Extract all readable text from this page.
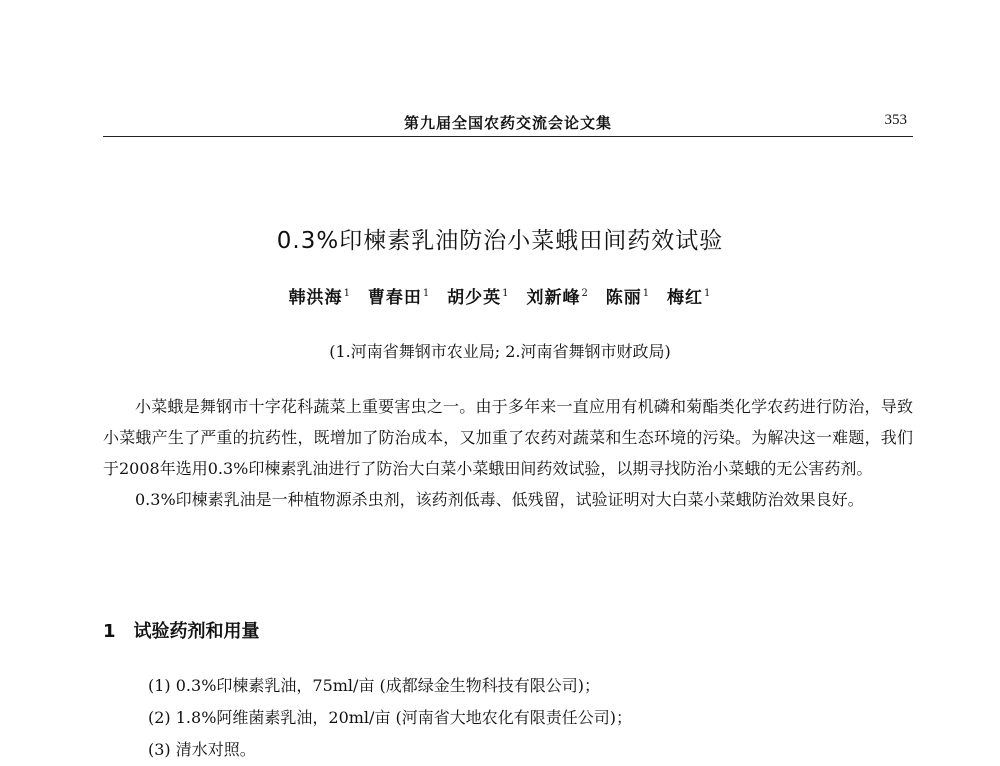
第九届全国农药交流会论文集	353
0.3%印楝素乳油防治小菜蛾田间药效试验
韩洪海$^1$ 曹春田$^1$ 胡少英$^1$ 刘新峰$^2$ 陈丽$^1$ 梅红$^1$
(1.河南省舞钢市农业局; 2.河南省舞钢市财政局)

小菜蛾是舞钢市十字花科蔬菜上重要害虫之一。由于多年来一直应用有机磷和菊酯类化学农药进行防治，导致小菜蛾产生了严重的抗药性，既增加了防治成本，又加重了农药对蔬菜和生态环境的污染。为解决这一难题，我们于2008年选用0.3%印楝素乳油进行了防治大白菜小菜蛾田间药效试验，以期寻找防治小菜蛾的无公害药剂。

0.3%印楝素乳油是一种植物源杀虫剂，该药剂低毒、低残留，试验证明对大白菜小菜蛾防治效果良好。

1 试验药剂和用量
(1) 0.3%印楝素乳油，75ml/亩 (成都绿金生物科技有限公司)；
(2) 1.8%阿维菌素乳油，20ml/亩 (河南省大地农化有限责任公司)；
(3) 清水对照。
